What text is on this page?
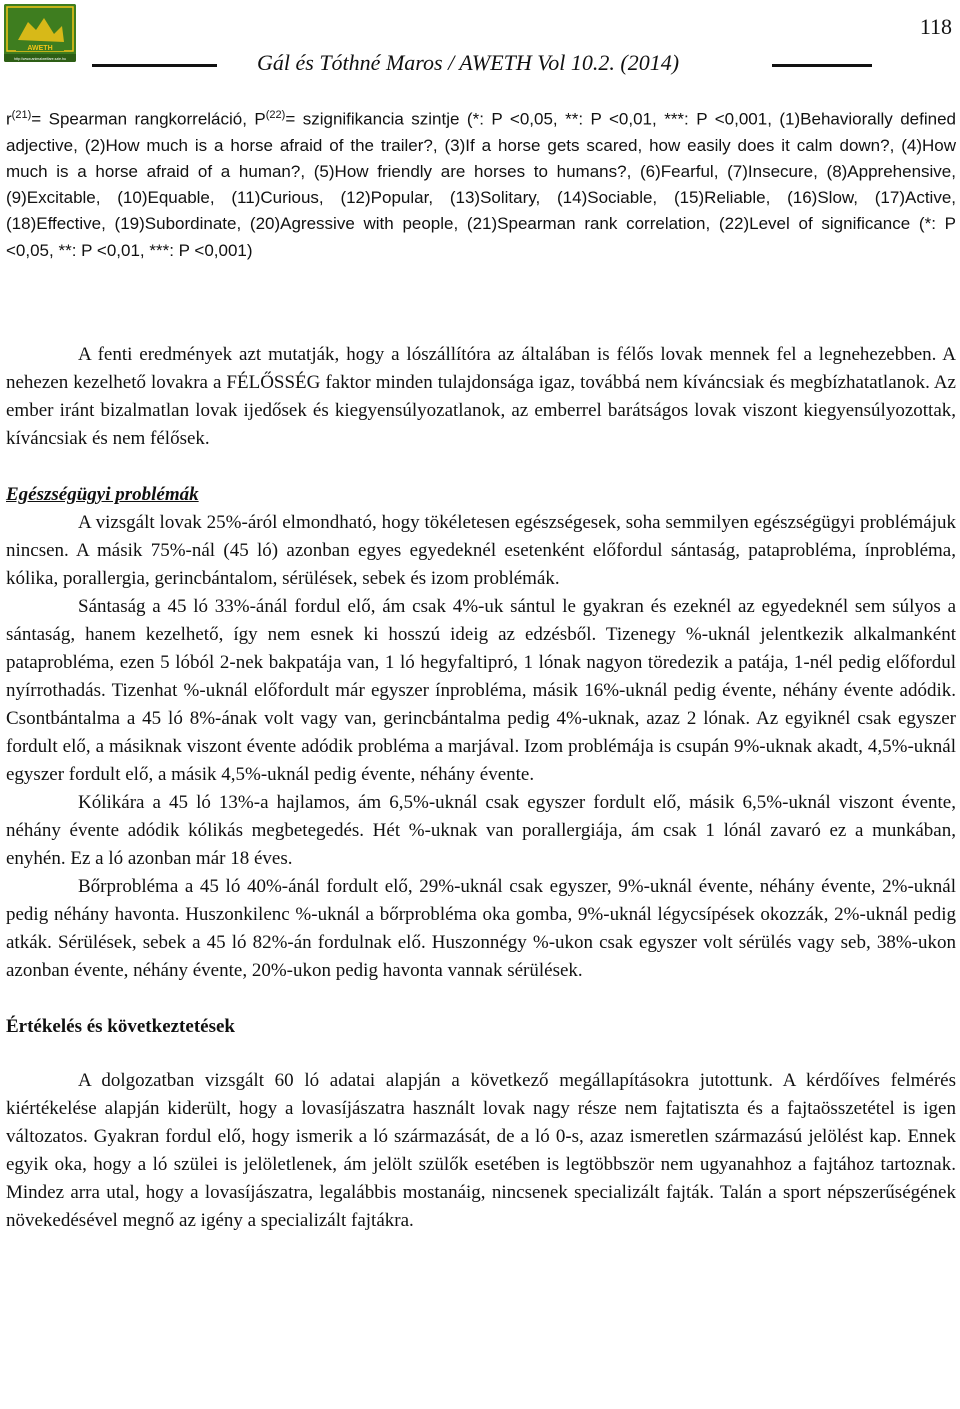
AWETH
http://www.animalwelfare.szie.hu
118
Gál és Tóthné Maros / AWETH Vol 10.2. (2014)
$r^{(21)}=$ Spearman rangkorreláció, $P^{(22)}=$ szignifikancia szintje (*: P <0,05, **: P <0,01, ***: P <0,001, (1)Behaviorally defined adjective, (2)How much is a horse afraid of the trailer?, (3)If a horse gets scared, how easily does it calm down?, (4)How much is a horse afraid of a human?, (5)How friendly are horses to humans?, (6)Fearful, (7)Insecure, (8)Apprehensive, (9)Excitable, (10)Equable, (11)Curious, (12)Popular, (13)Solitary, (14)Sociable, (15)Reliable, (16)Slow, (17)Active, (18)Effective, (19)Subordinate, (20)Agressive with people, (21)Spearman rank correlation, (22)Level of significance (*: P <0,05, **: P <0,01, ***: P <0,001)

A fenti eredmények azt mutatják, hogy a lószállítóra az általában is félős lovak mennek fel a legnehezebben. A nehezen kezelhető lovakra a FÉLŐSSÉG faktor minden tulajdonsága igaz, továbbá nem kíváncsiak és megbízhatatlanok. Az ember iránt bizalmatlan lovak ijedősek és kiegyensúlyozatlanok, az emberrel barátságos lovak viszont kiegyensúlyozottak, kíváncsiak és nem félősek.

Egészségügyi problémák

A vizsgált lovak 25%-áról elmondható, hogy tökéletesen egészségesek, soha semmilyen egészségügyi problémájuk nincsen. A másik 75%-nál (45 ló) azonban egyes egyedeknél esetenként előfordul sántaság, pataprobléma, ínprobléma, kólika, porallergia, gerincbántalom, sérülések, sebek és izom problémák.

Sántaság a 45 ló 33%-ánál fordul elő, ám csak 4%-uk sántul le gyakran és ezeknél az egyedeknél sem súlyos a sántaság, hanem kezelhető, így nem esnek ki hosszú ideig az edzésből. Tizenegy %-uknál jelentkezik alkalmanként pataprobléma, ezen 5 lóból 2-nek bakpatája van, 1 ló hegyfaltipró, 1 lónak nagyon töredezik a patája, 1-nél pedig előfordul nyírrothadás. Tizenhat %-uknál előfordult már egyszer ínprobléma, másik 16%-uknál pedig évente, néhány évente adódik. Csontbántalma a 45 ló 8%-ának volt vagy van, gerincbántalma pedig 4%-uknak, azaz 2 lónak. Az egyiknél csak egyszer fordult elő, a másiknak viszont évente adódik probléma a marjával. Izom problémája is csupán 9%-uknak akadt, 4,5%-uknál egyszer fordult elő, a másik 4,5%-uknál pedig évente, néhány évente.

Kólikára a 45 ló 13%-a hajlamos, ám 6,5%-uknál csak egyszer fordult elő, másik 6,5%-uknál viszont évente, néhány évente adódik kólikás megbetegedés. Hét %-uknak van porallergiája, ám csak 1 lónál zavaró ez a munkában, enyhén. Ez a ló azonban már 18 éves.

Bőrprobléma a 45 ló 40%-ánál fordult elő, 29%-uknál csak egyszer, 9%-uknál évente, néhány évente, 2%-uknál pedig néhány havonta. Huszonkilenc %-uknál a bőrprobléma oka gomba, 9%-uknál légycsípések okozzák, 2%-uknál pedig atkák. Sérülések, sebek a 45 ló 82%-án fordulnak elő. Huszonnégy %-ukon csak egyszer volt sérülés vagy seb, 38%-ukon azonban évente, néhány évente, 20%-ukon pedig havonta vannak sérülések.

Értékelés és következtetések

A dolgozatban vizsgált 60 ló adatai alapján a következő megállapításokra jutottunk. A kérdőíves felmérés kiértékelése alapján kiderült, hogy a lovasíjászatra használt lovak nagy része nem fajtatiszta és a fajtaösszetétel is igen változatos. Gyakran fordul elő, hogy ismerik a ló származását, de a ló 0-s, azaz ismeretlen származású jelölést kap. Ennek egyik oka, hogy a ló szülei is jelöletlenek, ám jelölt szülők esetében is legtöbbször nem ugyanahhoz a fajtához tartoznak. Mindez arra utal, hogy a lovasíjászatra, legalábbis mostanáig, nincsenek specializált fajták. Talán a sport népszerűségének növekedésével megnő az igény a specializált fajtákra.
